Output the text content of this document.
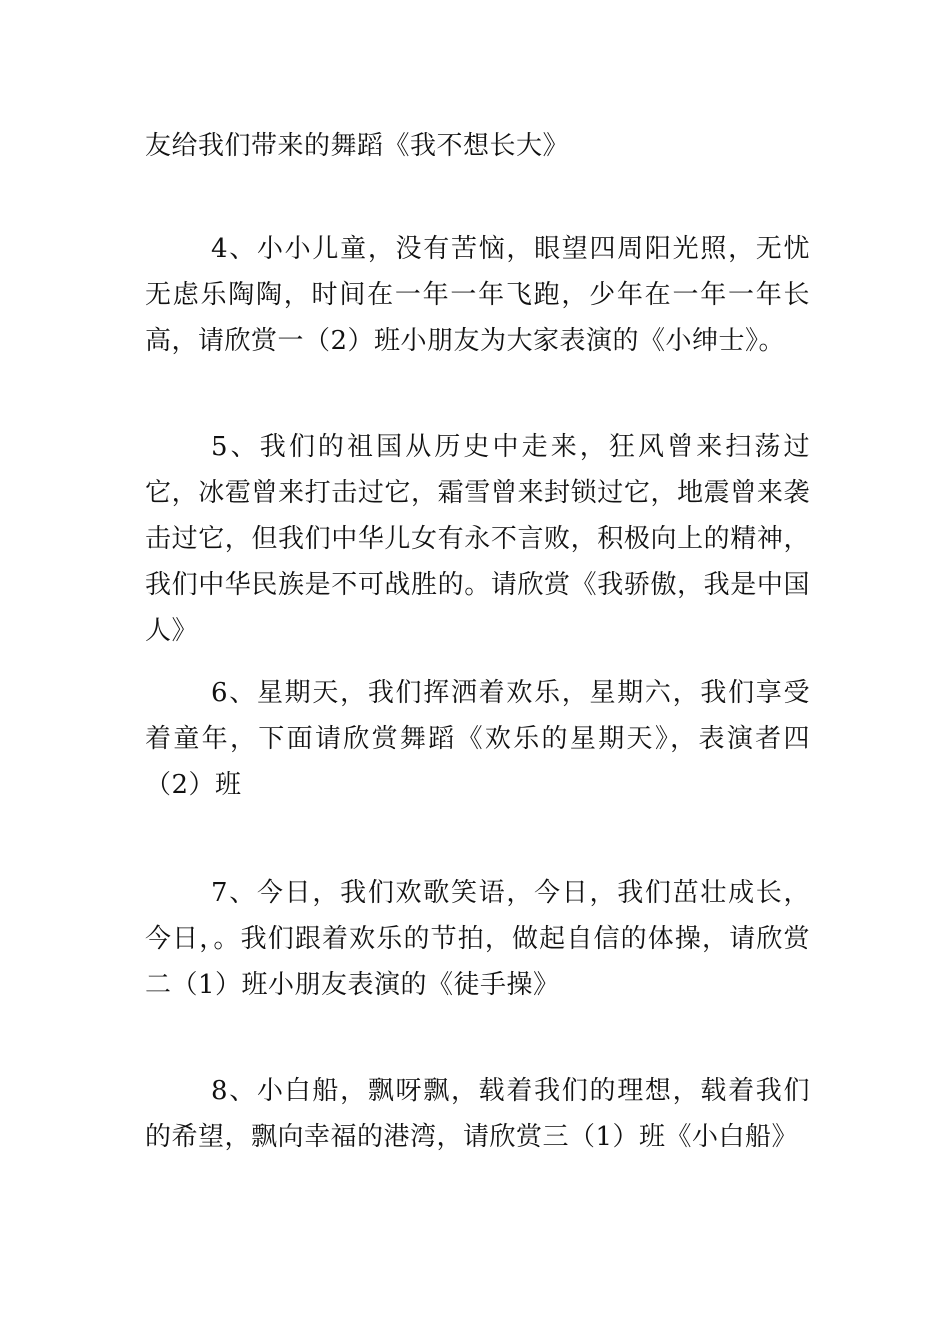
友给我们带来的舞蹈《我不想长大》

4、小小儿童，没有苦恼，眼望四周阳光照，无忧无虑乐陶陶，时间在一年一年飞跑，少年在一年一年长高，请欣赏一（2）班小朋友为大家表演的《小绅士》。

5、我们的祖国从历史中走来，狂风曾来扫荡过它，冰雹曾来打击过它，霜雪曾来封锁过它，地震曾来袭击过它，但我们中华儿女有永不言败，积极向上的精神，我们中华民族是不可战胜的。请欣赏《我骄傲，我是中国人》

6、星期天，我们挥洒着欢乐，星期六，我们享受着童年，下面请欣赏舞蹈《欢乐的星期天》，表演者四（2）班

7、今日，我们欢歌笑语，今日，我们茁壮成长，今日，。我们跟着欢乐的节拍，做起自信的体操，请欣赏二（1）班小朋友表演的《徒手操》

8、小白船，飘呀飘，载着我们的理想，载着我们的希望，飘向幸福的港湾，请欣赏三（1）班《小白船》
